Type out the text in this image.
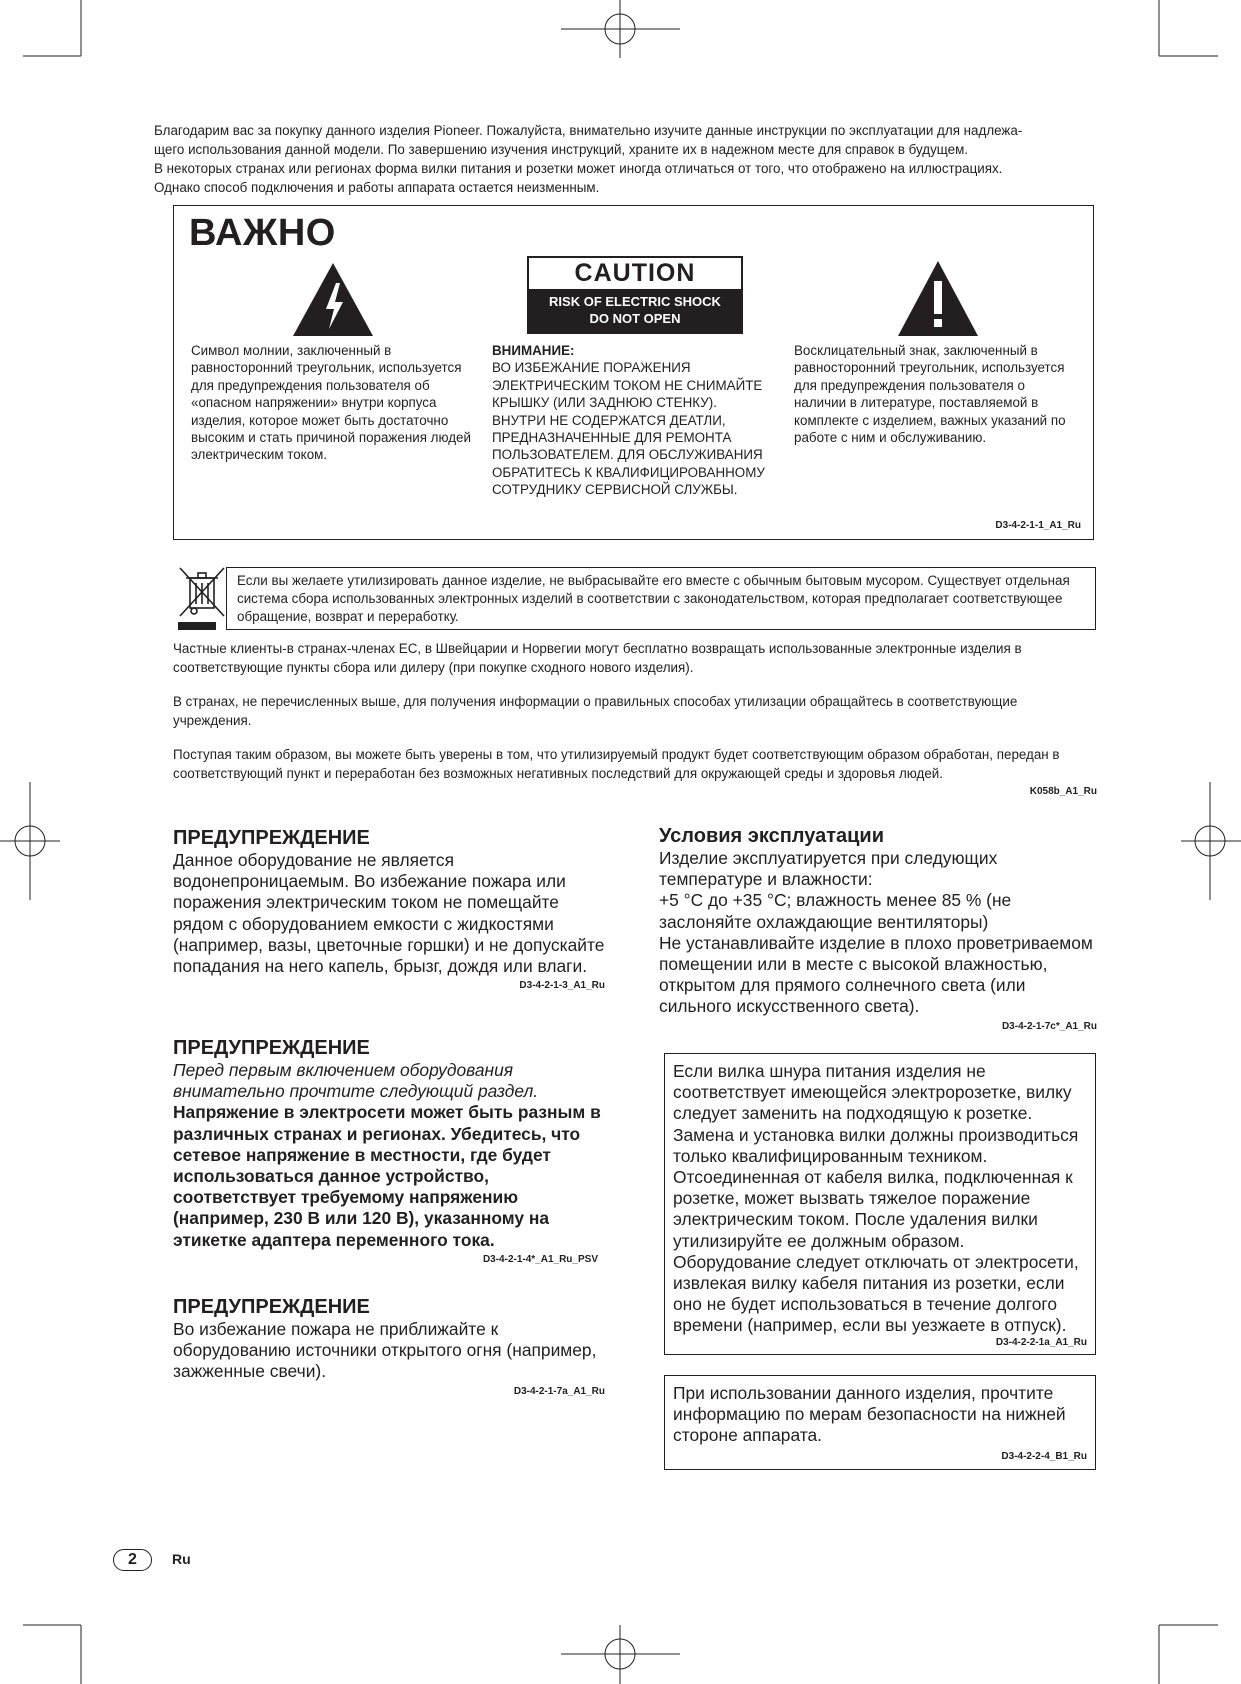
Благодарим вас за покупку данного изделия Pioneer. Пожалуйста, внимательно изучите данные инструкции по эксплуатации для надлежа-

щего использования данной модели. По завершению изучения инструкций, храните их в надежном месте для справок в будущем.

В некоторых странах или регионах форма вилки питания и розетки может иногда отличаться от того, что отображено на иллюстрациях.

Однако способ подключения и работы аппарата остается неизменным.

ВАЖНО
CAUTION
RISK OF ELECTRIC SHOCK
DO NOT OPEN
Символ молнии, заключенный в равносторонний треугольник, используется для предупреждения пользователя об «опасном напряжении» внутри корпуса изделия, которое может быть достаточно высоким и стать причиной поражения людей электрическим током.
ВНИМАНИЕ:
ВО ИЗБЕЖАНИЕ ПОРАЖЕНИЯ ЭЛЕКТРИЧЕСКИМ ТОКОМ НЕ СНИМАЙТЕ КРЫШКУ (ИЛИ ЗАДНЮЮ СТЕНКУ). ВНУТРИ НЕ СОДЕРЖАТСЯ ДЕАТЛИ, ПРЕДНАЗНАЧЕННЫЕ ДЛЯ РЕМОНТА ПОЛЬЗОВАТЕЛЕМ. ДЛЯ ОБСЛУЖИВАНИЯ ОБРАТИТЕСЬ К КВАЛИФИЦИРОВАННОМУ СОТРУДНИКУ СЕРВИСНОЙ СЛУЖБЫ.
Восклицательный знак, заключенный в равносторонний треугольник, используется для предупреждения пользователя о наличии в литературе, поставляемой в комплекте с изделием, важных указаний по работе с ним и обслуживанию.
D3-4-2-1-1_A1_Ru
Если вы желаете утилизировать данное изделие, не выбрасывайте его вместе с обычным бытовым мусором. Существует отдельная система сбора использованных электронных изделий в соответствии с законодательством, которая предполагает соответствующее обращение, возврат и переработку.

Частные клиенты-в странах-членах ЕС, в Швейцарии и Норвегии могут бесплатно возвращать использованные электронные изделия в соответствующие пункты сбора или дилеру (при покупке сходного нового изделия).

В странах, не перечисленных выше, для получения информации о правильных способах утилизации обращайтесь в соответствующие учреждения.

Поступая таким образом, вы можете быть уверены в том, что утилизируемый продукт будет соответствующим образом обработан, передан в соответствующий пункт и переработан без возможных негативных последствий для окружающей среды и здоровья людей.

K058b_A1_Ru
ПРЕДУПРЕЖДЕНИЕ
Данное оборудование не является водонепроницаемым. Во избежание пожара или поражения электрическим током не помещайте рядом с оборудованием емкости с жидкостями (например, вазы, цветочные горшки) и не допускайте попадания на него капель, брызг, дождя или влаги.
D3-4-2-1-3_A1_Ru
ПРЕДУПРЕЖДЕНИЕ
Перед первым включением оборудования внимательно прочтите следующий раздел.
Напряжение в электросети может быть разным в различных странах и регионах. Убедитесь, что сетевое напряжение в местности, где будет использоваться данное устройство, соответствует требуемому напряжению (например, 230 В или 120 В), указанному на этикетке адаптера переменного тока.
D3-4-2-1-4*_A1_Ru_PSV
ПРЕДУПРЕЖДЕНИЕ
Во избежание пожара не приближайте к оборудованию источники открытого огня (например, зажженные свечи).
D3-4-2-1-7a_A1_Ru
Условия эксплуатации

Изделие эксплуатируется при следующих температуре и влажности:

+5 °C до +35 °C; влажность менее 85 % (не заслоняйте охлаждающие вентиляторы)

Не устанавливайте изделие в плохо проветриваемом помещении или в месте с высокой влажностью, открытом для прямого солнечного света (или сильного искусственного света).

D3-4-2-1-7c*_A1_Ru
Если вилка шнура питания изделия не соответствует имеющейся электророзетке, вилку следует заменить на подходящую к розетке. Замена и установка вилки должны производиться только квалифицированным техником. Отсоединенная от кабеля вилка, подключенная к розетке, может вызвать тяжелое поражение электрическим током. После удаления вилки утилизируйте ее должным образом. Оборудование следует отключать от электросети, извлекая вилку кабеля питания из розетки, если оно не будет использоваться в течение долгого времени (например, если вы уезжаете в отпуск).
D3-4-2-2-1a_A1_Ru
При использовании данного изделия, прочтите информацию по мерам безопасности на нижней стороне аппарата.
D3-4-2-2-4_B1_Ru
2	Ru
